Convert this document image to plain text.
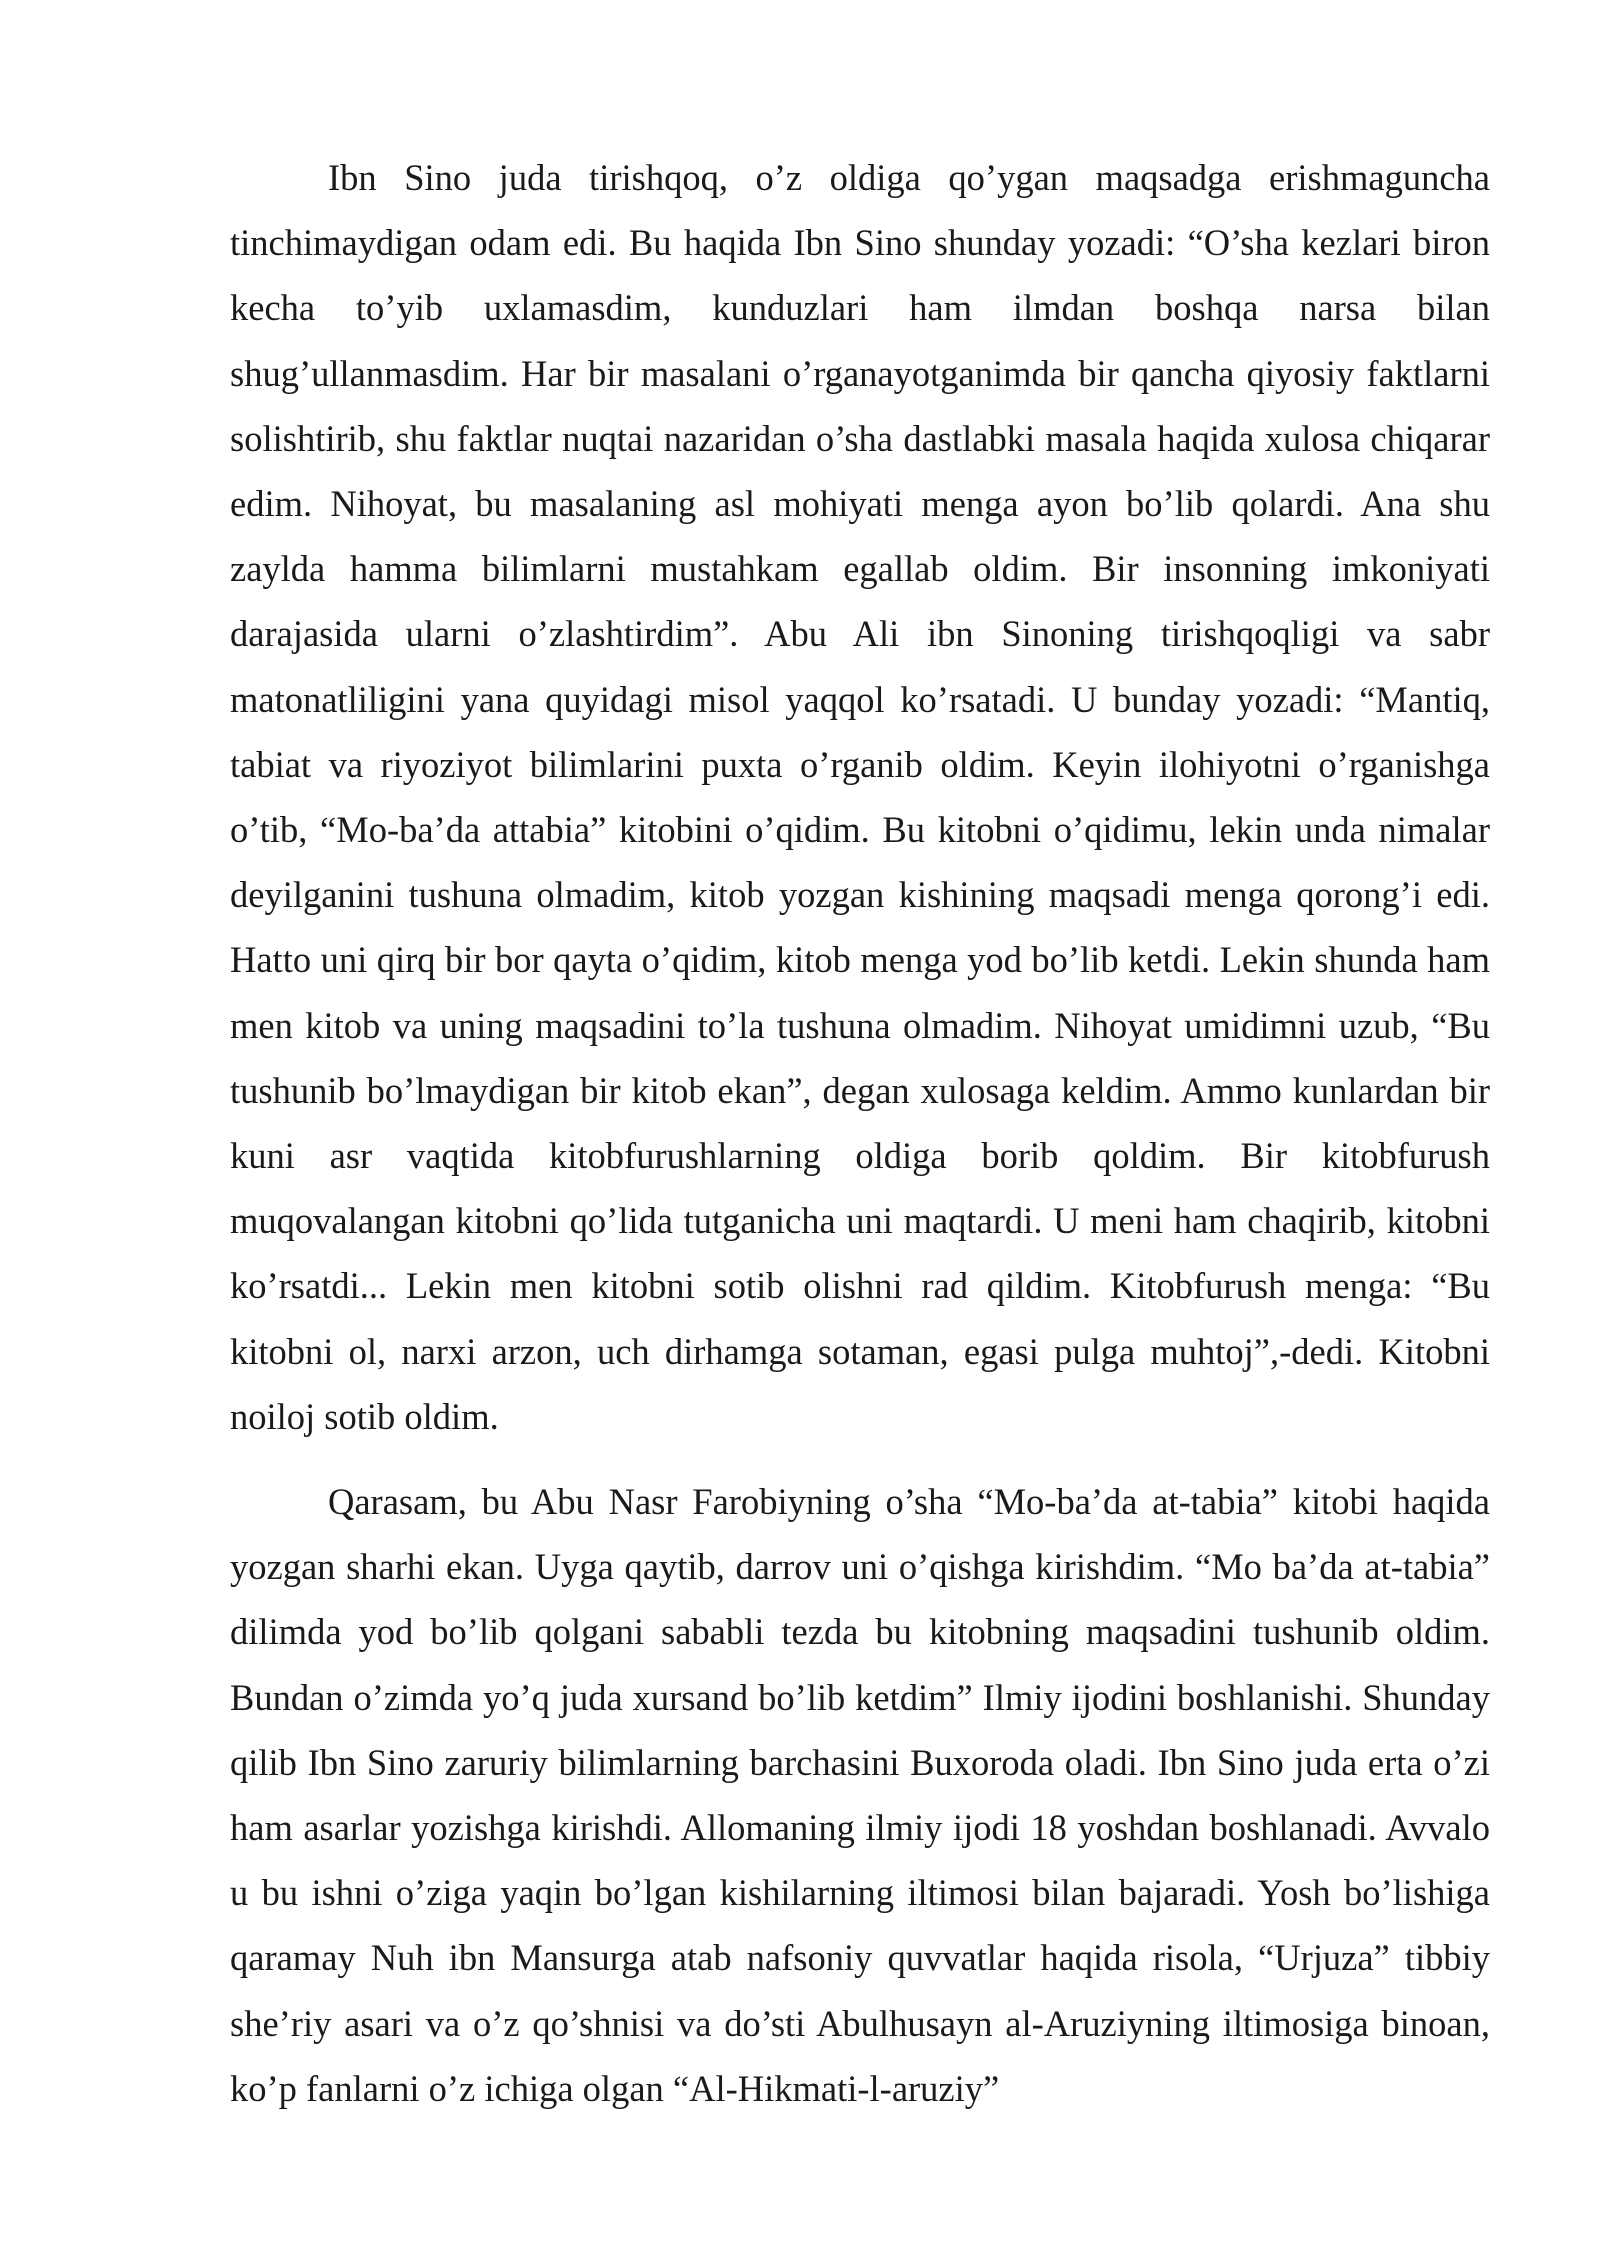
Ibn Sino juda tirishqoq, o’z oldiga qo’ygan maqsadga erishmaguncha tinchimaydigan odam edi. Bu haqida Ibn Sino shunday yozadi: “O’sha kezlari biron kecha to’yib uxlamasdim, kunduzlari ham ilmdan boshqa narsa bilan shug’ullanmasdim. Har bir masalani o’rganayotganimda bir qancha qiyosiy faktlarni solishtirib, shu faktlar nuqtai nazaridan o’sha dastlabki masala haqida xulosa chiqarar edim. Nihoyat, bu masalaning asl mohiyati menga ayon bo’lib qolardi. Ana shu zaylda hamma bilimlarni mustahkam egallab oldim. Bir insonning imkoniyati darajasida ularni o’zlashtirdim”. Abu Ali ibn Sinoning tirishqoqligi va sabr matonatliligini yana quyidagi misol yaqqol ko’rsatadi. U bunday yozadi: “Mantiq, tabiat va riyoziyot bilimlarini puxta o’rganib oldim. Keyin ilohiyotni o’rganishga o’tib, “Mo-ba’da attabia” kitobini o’qidim. Bu kitobni o’qidimu, lekin unda nimalar deyilganini tushuna olmadim, kitob yozgan kishining maqsadi menga qorong’i edi. Hatto uni qirq bir bor qayta o’qidim, kitob menga yod bo’lib ketdi. Lekin shunda ham men kitob va uning maqsadini to’la tushuna olmadim. Nihoyat umidimni uzub, “Bu tushunib bo’lmaydigan bir kitob ekan”, degan xulosaga keldim. Ammo kunlardan bir kuni asr vaqtida kitobfurushlarning oldiga borib qoldim. Bir kitobfurush muqovalangan kitobni qo’lida tutganicha uni maqtardi. U meni ham chaqirib, kitobni ko’rsatdi... Lekin men kitobni sotib olishni rad qildim. Kitobfurush menga: “Bu kitobni ol, narxi arzon, uch dirhamga sotaman, egasi pulga muhtoj”,-dedi. Kitobni noiloj sotib oldim.

Qarasam, bu Abu Nasr Farobiyning o’sha “Mo-ba’da at-tabia” kitobi haqida yozgan sharhi ekan. Uyga qaytib, darrov uni o’qishga kirishdim. “Mo ba’da at-tabia” dilimda yod bo’lib qolgani sababli tezda bu kitobning maqsadini tushunib oldim. Bundan o’zimda yo’q juda xursand bo’lib ketdim” Ilmiy ijodini boshlanishi. Shunday qilib Ibn Sino zaruriy bilimlarning barchasini Buxoroda oladi. Ibn Sino juda erta o’zi ham asarlar yozishga kirishdi. Allomaning ilmiy ijodi 18 yoshdan boshlanadi. Avvalo u bu ishni o’ziga yaqin bo’lgan kishilarning iltimosi bilan bajaradi. Yosh bo’lishiga qaramay Nuh ibn Mansurga atab nafsoniy quvvatlar haqida risola, “Urjuza” tibbiy she’riy asari va o’z qo’shnisi va do’sti Abulhusayn al-Aruziyning iltimosiga binoan, ko’p fanlarni o’z ichiga olgan “Al-Hikmati-l-aruziy”
